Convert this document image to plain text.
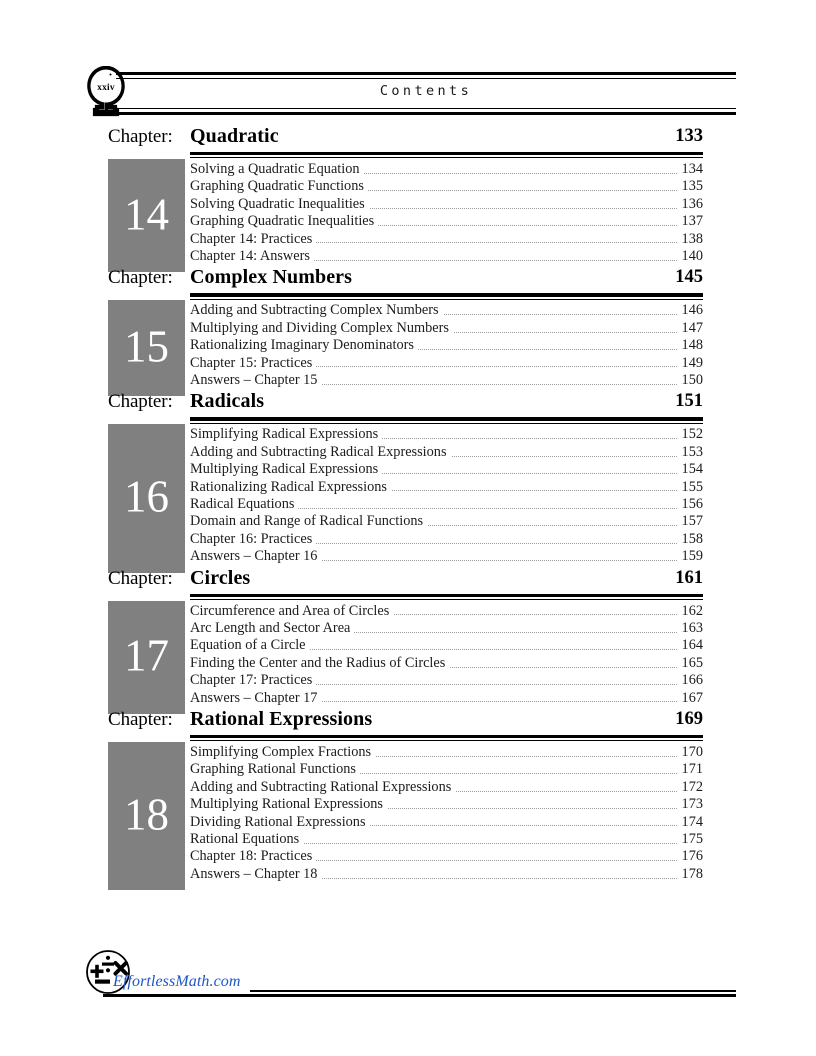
xxiv	Contents
Chapter: Quadratic	133
14
Solving a Quadratic Equation	134
Graphing Quadratic Functions	135
Solving Quadratic Inequalities	136
Graphing Quadratic Inequalities	137
Chapter 14: Practices	138
Chapter 14: Answers	140
Chapter: Complex Numbers	145
15
Adding and Subtracting Complex Numbers	146
Multiplying and Dividing Complex Numbers	147
Rationalizing Imaginary Denominators	148
Chapter 15: Practices	149
Answers – Chapter 15	150
Chapter: Radicals	151
16
Simplifying Radical Expressions	152
Adding and Subtracting Radical Expressions	153
Multiplying Radical Expressions	154
Rationalizing Radical Expressions	155
Radical Equations	156
Domain and Range of Radical Functions	157
Chapter 16: Practices	158
Answers – Chapter 16	159
Chapter: Circles	161
17
Circumference and Area of Circles	162
Arc Length and Sector Area	163
Equation of a Circle	164
Finding the Center and the Radius of Circles	165
Chapter 17: Practices	166
Answers – Chapter 17	167
Chapter: Rational Expressions	169
18
Simplifying Complex Fractions	170
Graphing Rational Functions	171
Adding and Subtracting Rational Expressions	172
Multiplying Rational Expressions	173
Dividing Rational Expressions	174
Rational Equations	175
Chapter 18: Practices	176
Answers – Chapter 18	178
EffortlessMath.com
